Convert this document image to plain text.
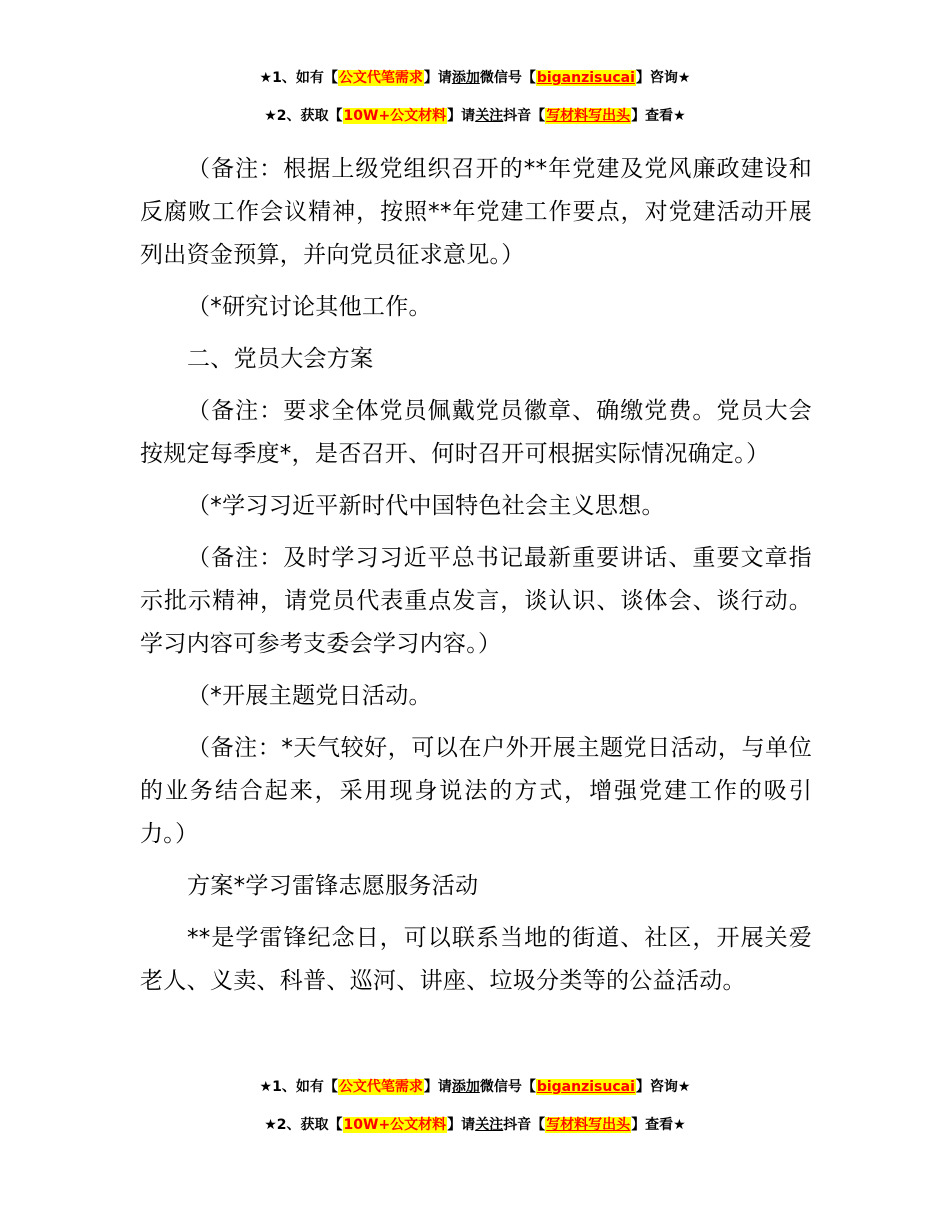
★1、如有【公文代笔需求】请添加微信号【biganzisucai】咨询★
★2、获取【10W+公文材料】请关注抖音【写材料写出头】查看★

（备注：根据上级党组织召开的**年党建及党风廉政建设和反腐败工作会议精神，按照**年党建工作要点，对党建活动开展列出资金预算，并向党员征求意见。）

（*研究讨论其他工作。

二、党员大会方案

（备注：要求全体党员佩戴党员徽章、确缴党费。党员大会按规定每季度*，是否召开、何时召开可根据实际情况确定。）

（*学习习近平新时代中国特色社会主义思想。

（备注：及时学习习近平总书记最新重要讲话、重要文章指示批示精神，请党员代表重点发言，谈认识、谈体会、谈行动。学习内容可参考支委会学习内容。）

（*开展主题党日活动。

（备注：*天气较好，可以在户外开展主题党日活动，与单位的业务结合起来，采用现身说法的方式，增强党建工作的吸引力。）

方案*学习雷锋志愿服务活动

**是学雷锋纪念日，可以联系当地的街道、社区，开展关爱老人、义卖、科普、巡河、讲座、垃圾分类等的公益活动。

★1、如有【公文代笔需求】请添加微信号【biganzisucai】咨询★
★2、获取【10W+公文材料】请关注抖音【写材料写出头】查看★
